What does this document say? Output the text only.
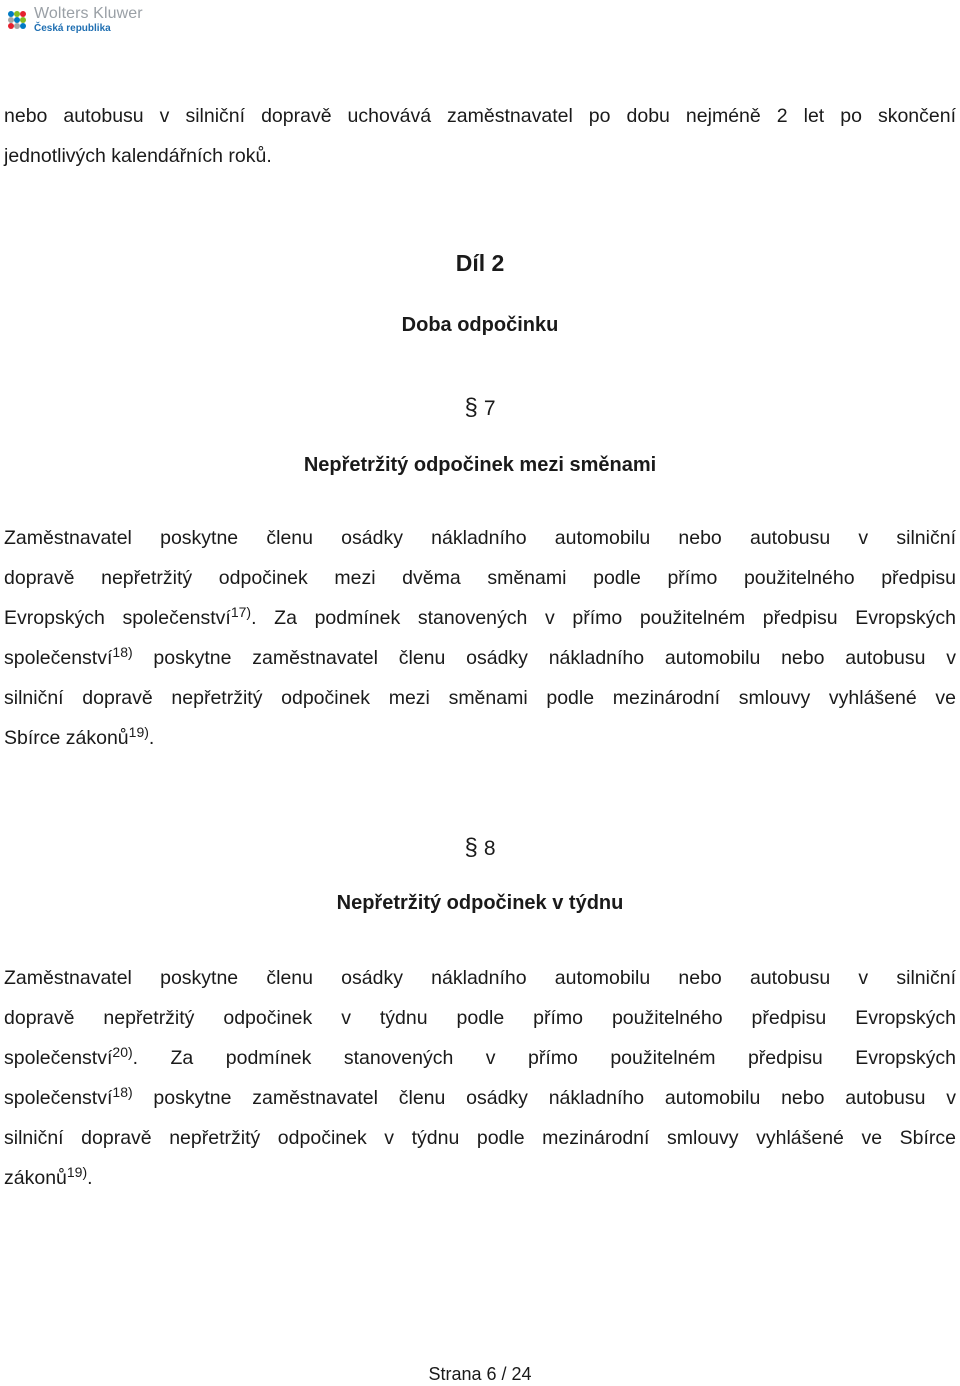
Wolters Kluwer
Česká republika
nebo autobusu v silniční dopravě uchovává zaměstnavatel po dobu nejméně 2 let po skončení
jednotlivých kalendářních roků.
Díl 2
Doba odpočinku
§ 7
Nepřetržitý odpočinek mezi směnami
Zaměstnavatel poskytne členu osádky nákladního automobilu nebo autobusu v silniční
dopravě nepřetržitý odpočinek mezi dvěma směnami podle přímo použitelného předpisu
Evropských společenství$^{17)}$. Za podmínek stanovených v přímo použitelném předpisu Evropských
společenství$^{18)}$ poskytne zaměstnavatel členu osádky nákladního automobilu nebo autobusu v
silniční dopravě nepřetržitý odpočinek mezi směnami podle mezinárodní smlouvy vyhlášené ve
Sbírce zákonů$^{19)}$.
§ 8
Nepřetržitý odpočinek v týdnu
Zaměstnavatel poskytne členu osádky nákladního automobilu nebo autobusu v silniční
dopravě nepřetržitý odpočinek v týdnu podle přímo použitelného předpisu Evropských
společenství$^{20)}$. Za podmínek stanovených v přímo použitelném předpisu Evropských
společenství$^{18)}$ poskytne zaměstnavatel členu osádky nákladního automobilu nebo autobusu v
silniční dopravě nepřetržitý odpočinek v týdnu podle mezinárodní smlouvy vyhlášené ve Sbírce
zákonů$^{19)}$.
Strana 6 / 24
